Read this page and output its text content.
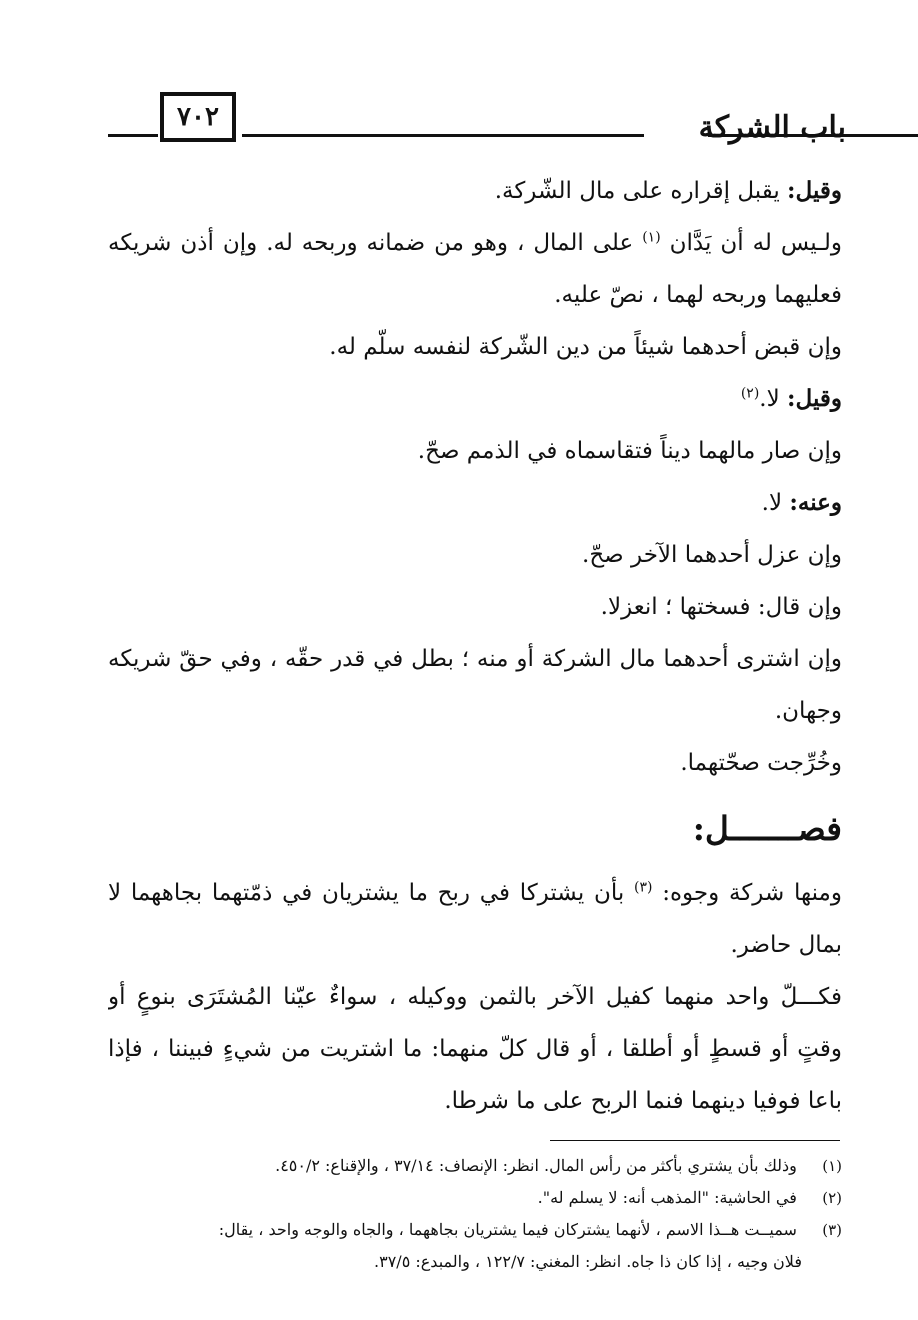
٧٠٢	باب الشركة
وقيل: يقبل إقراره على مال الشّركة.
ولـيس له أن يَدَّان $^{(١)}$ على المال ، وهو من ضمانه وربحه له. وإن أذن شريكه
فعليهما وربحه لهما ، نصّ عليه.
وإن قبض أحدهما شيئاً من دين الشّركة لنفسه سلّم له.
وقيل: لا.$^{(٢)}$
وإن صار مالهما ديناً فتقاسماه في الذمم صحّ.
وعنه: لا.
وإن عزل أحدهما الآخر صحّ.
وإن قال: فسختها ؛ انعزلا.
وإن اشترى أحدهما مال الشركة أو منه ؛ بطل في قدر حقّه ، وفي حقّ شريكه
وجهان.
وخُرِّجت صحّتهما.
فصـــــــل:
ومنها شركة وجوه: $^{(٣)}$ بأن يشتركا في ربح ما يشتريان في ذمّتهما بجاههما لا
بمال حاضر.
فكـــلّ واحد منهما كفيل الآخر بالثمن ووكيله ، سواءٌ عيّنا المُشتَرَى بنوعٍ أو
وقتٍ أو قسطٍ أو أطلقا ، أو قال كلّ منهما: ما اشتريت من شيءٍ فبيننا ، فإذا
باعا فوفيا دينهما فنما الربح على ما شرطا.
(١) وذلك بأن يشتري بأكثر من رأس المال. انظر: الإنصاف: ٣٧/١٤ ، والإقناع: ٤٥٠/٢.
(٢) في الحاشية: "المذهب أنه: لا يسلم له".
(٣) سميــت هــذا الاسم ، لأنهما يشتركان فيما يشتريان بجاههما ، والجاه والوجه واحد ، يقال:
فلان وجيه ، إذا كان ذا جاه. انظر: المغني: ١٢٢/٧ ، والمبدع: ٣٧/٥.
